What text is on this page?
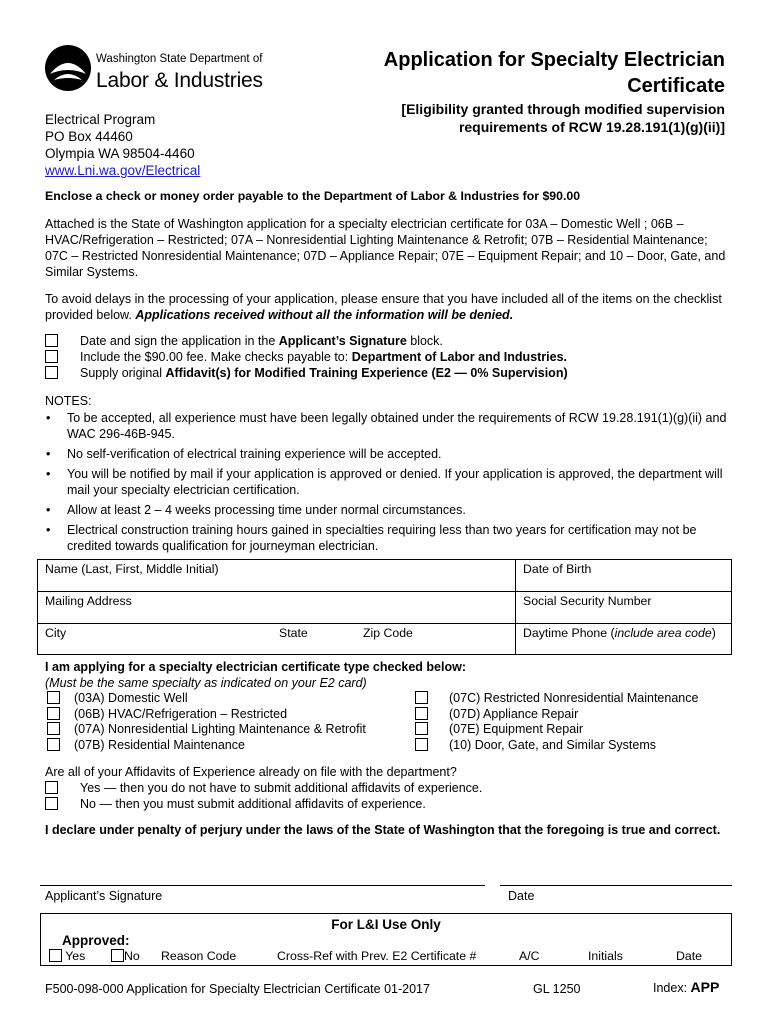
Washington State Department of
Labor & Industries
Application for Specialty Electrician
Certificate
[Eligibility granted through modified supervision
requirements of RCW 19.28.191(1)(g)(ii)]
Electrical Program
PO Box 44460
Olympia WA 98504-4460
www.Lni.wa.gov/Electrical
Enclose a check or money order payable to the Department of Labor & Industries for $90.00
Attached is the State of Washington application for a specialty electrician certificate for 03A – Domestic Well ; 06B – HVAC/Refrigeration – Restricted; 07A – Nonresidential Lighting Maintenance & Retrofit; 07B – Residential Maintenance; 07C – Restricted Nonresidential Maintenance; 07D – Appliance Repair; 07E – Equipment Repair; and 10 – Door, Gate, and Similar Systems.
To avoid delays in the processing of your application, please ensure that you have included all of the items on the checklist provided below. Applications received without all the information will be denied.
Date and sign the application in the Applicant’s Signature block.
Include the $90.00 fee. Make checks payable to: Department of Labor and Industries.
Supply original Affidavit(s) for Modified Training Experience (E2 — 0% Supervision)
NOTES:
• To be accepted, all experience must have been legally obtained under the requirements of RCW 19.28.191(1)(g)(ii) and WAC 296-46B-945.
• No self-verification of electrical training experience will be accepted.
• You will be notified by mail if your application is approved or denied. If your application is approved, the department will mail your specialty electrician certification.
• Allow at least 2 – 4 weeks processing time under normal circumstances.
• Electrical construction training hours gained in specialties requiring less than two years for certification may not be credited towards qualification for journeyman electrician.
Name (Last, First, Middle Initial)	Date of Birth
Mailing Address	Social Security Number
City	State	Zip Code	Daytime Phone (include area code)
I am applying for a specialty electrician certificate type checked below:
(Must be the same specialty as indicated on your E2 card)
(03A) Domestic Well
(06B) HVAC/Refrigeration – Restricted
(07A) Nonresidential Lighting Maintenance & Retrofit
(07B) Residential Maintenance
(07C) Restricted Nonresidential Maintenance
(07D) Appliance Repair
(07E) Equipment Repair
(10) Door, Gate, and Similar Systems
Are all of your Affidavits of Experience already on file with the department?
Yes — then you do not have to submit additional affidavits of experience.
No — then you must submit additional affidavits of experience.
I declare under penalty of perjury under the laws of the State of Washington that the foregoing is true and correct.
Applicant’s Signature	Date
For L&I Use Only
Approved:
Yes	No Reason Code	Cross-Ref with Prev. E2 Certificate #	A/C	Initials	Date
F500-098-000 Application for Specialty Electrician Certificate 01-2017	GL 1250	Index: APP
